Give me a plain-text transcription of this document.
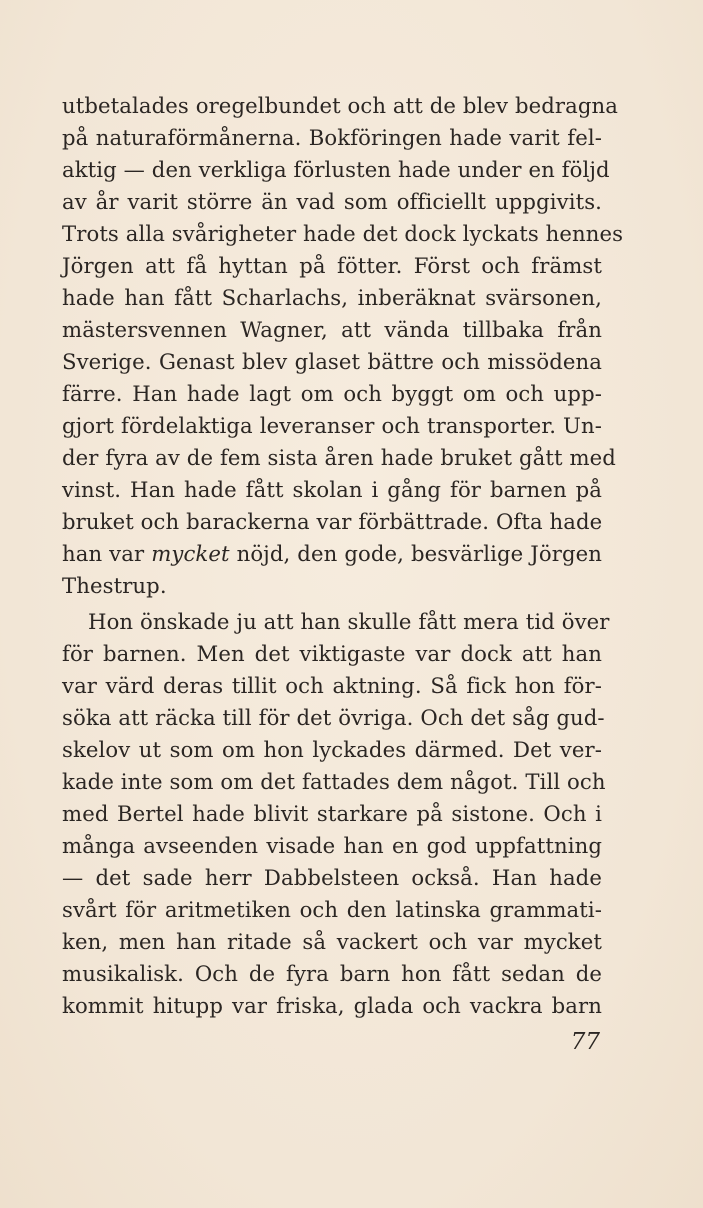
utbetalades oregelbundet och att de blev bedragna
på naturaförmånerna. Bokföringen hade varit fel-
aktig — den verkliga förlusten hade under en följd
av år varit större än vad som officiellt uppgivits.
Trots alla svårigheter hade det dock lyckats hennes
Jörgen att få hyttan på fötter. Först och främst
hade han fått Scharlachs, inberäknat svärsonen,
mästersvennen Wagner, att vända tillbaka från
Sverige. Genast blev glaset bättre och missödena
färre. Han hade lagt om och byggt om och upp-
gjort fördelaktiga leveranser och transporter. Un-
der fyra av de fem sista åren hade bruket gått med
vinst. Han hade fått skolan i gång för barnen på
bruket och barackerna var förbättrade. Ofta hade
han var mycket nöjd, den gode, besvärlige Jörgen
Thestrup.
Hon önskade ju att han skulle fått mera tid över
för barnen. Men det viktigaste var dock att han
var värd deras tillit och aktning. Så fick hon för-
söka att räcka till för det övriga. Och det såg gud-
skelov ut som om hon lyckades därmed. Det ver-
kade inte som om det fattades dem något. Till och
med Bertel hade blivit starkare på sistone. Och i
många avseenden visade han en god uppfattning
— det sade herr Dabbelsteen också. Han hade
svårt för aritmetiken och den latinska grammati-
ken, men han ritade så vackert och var mycket
musikalisk. Och de fyra barn hon fått sedan de
kommit hitupp var friska, glada och vackra barn
77
